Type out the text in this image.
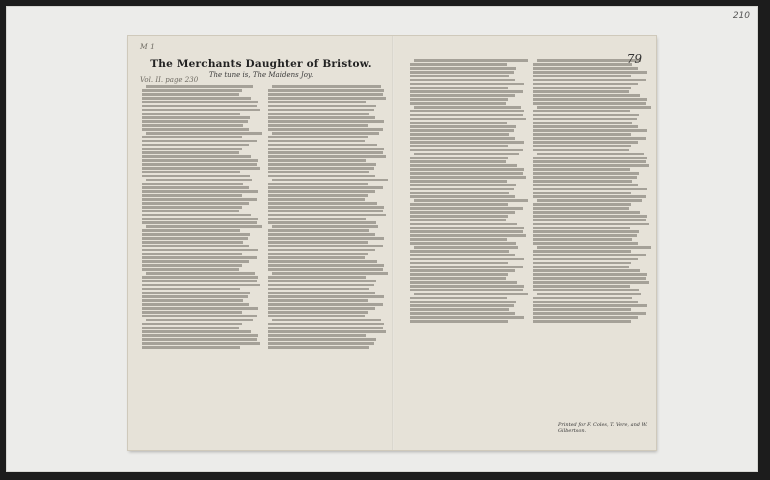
210
M 1
Vol. II. page 230
79
The Merchants Daughter of Bristow.
The tune is, The Maidens Joy.
Printed for F. Coles, T. Vere, and W. Gilbertson.
